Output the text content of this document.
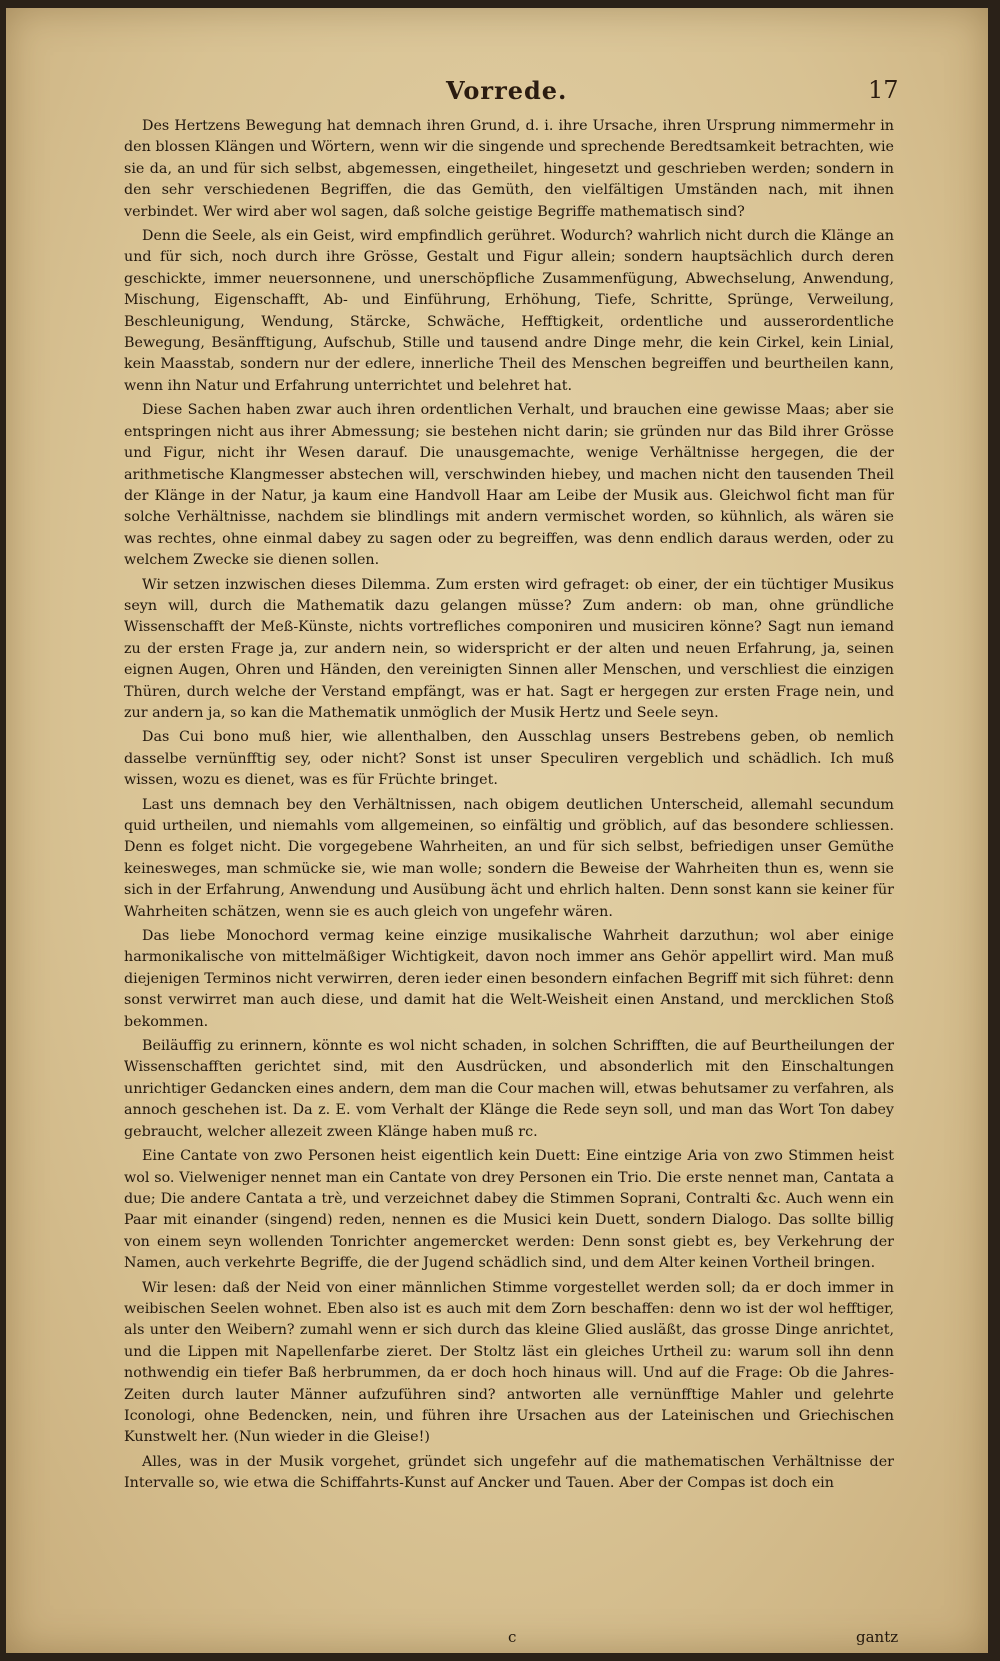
Vorrede.	17

Des Hertzens Bewegung hat demnach ihren Grund, d. i. ihre Ursache, ihren Ursprung nimmermehr in den blossen Klängen und Wörtern, wenn wir die singende und sprechende Beredtsamkeit betrachten, wie sie da, an und für sich selbst, abgemessen, eingetheilet, hingesetzt und geschrieben werden; sondern in den sehr verschiedenen Begriffen, die das Gemüth, den vielfältigen Umständen nach, mit ihnen verbindet. Wer wird aber wol sagen, daß solche geistige Begriffe mathematisch sind?

Denn die Seele, als ein Geist, wird empfindlich gerühret. Wodurch? wahrlich nicht durch die Klänge an und für sich, noch durch ihre Grösse, Gestalt und Figur allein; sondern hauptsächlich durch deren geschickte, immer neuersonnene, und unerschöpfliche Zusammenfügung, Abwechselung, Anwendung, Mischung, Eigenschafft, Ab- und Einführung, Erhöhung, Tiefe, Schritte, Sprünge, Verweilung, Beschleunigung, Wendung, Stärcke, Schwäche, Hefftigkeit, ordentliche und ausserordentliche Bewegung, Besänfftigung, Aufschub, Stille und tausend andre Dinge mehr, die kein Cirkel, kein Linial, kein Maasstab, sondern nur der edlere, innerliche Theil des Menschen begreiffen und beurtheilen kann, wenn ihn Natur und Erfahrung unterrichtet und belehret hat.

Diese Sachen haben zwar auch ihren ordentlichen Verhalt, und brauchen eine gewisse Maas; aber sie entspringen nicht aus ihrer Abmessung; sie bestehen nicht darin; sie gründen nur das Bild ihrer Grösse und Figur, nicht ihr Wesen darauf. Die unausgemachte, wenige Verhältnisse hergegen, die der arithmetische Klangmesser abstechen will, verschwinden hiebey, und machen nicht den tausenden Theil der Klänge in der Natur, ja kaum eine Handvoll Haar am Leibe der Musik aus. Gleichwol ficht man für solche Verhältnisse, nachdem sie blindlings mit andern vermischet worden, so kühnlich, als wären sie was rechtes, ohne einmal dabey zu sagen oder zu begreiffen, was denn endlich daraus werden, oder zu welchem Zwecke sie dienen sollen.

Wir setzen inzwischen dieses Dilemma. Zum ersten wird gefraget: ob einer, der ein tüchtiger Musikus seyn will, durch die Mathematik dazu gelangen müsse? Zum andern: ob man, ohne gründliche Wissenschafft der Meß-Künste, nichts vortrefliches componiren und musiciren könne? Sagt nun iemand zu der ersten Frage ja, zur andern nein, so widerspricht er der alten und neuen Erfahrung, ja, seinen eignen Augen, Ohren und Händen, den vereinigten Sinnen aller Menschen, und verschliest die einzigen Thüren, durch welche der Verstand empfängt, was er hat. Sagt er hergegen zur ersten Frage nein, und zur andern ja, so kan die Mathematik unmöglich der Musik Hertz und Seele seyn.

Das Cui bono muß hier, wie allenthalben, den Ausschlag unsers Bestrebens geben, ob nemlich dasselbe vernünfftig sey, oder nicht? Sonst ist unser Speculiren vergeblich und schädlich. Ich muß wissen, wozu es dienet, was es für Früchte bringet.

Last uns demnach bey den Verhältnissen, nach obigem deutlichen Unterscheid, allemahl secundum quid urtheilen, und niemahls vom allgemeinen, so einfältig und gröblich, auf das besondere schliessen. Denn es folget nicht. Die vorgegebene Wahrheiten, an und für sich selbst, befriedigen unser Gemüthe keinesweges, man schmücke sie, wie man wolle; sondern die Beweise der Wahrheiten thun es, wenn sie sich in der Erfahrung, Anwendung und Ausübung ächt und ehrlich halten. Denn sonst kann sie keiner für Wahrheiten schätzen, wenn sie es auch gleich von ungefehr wären.

Das liebe Monochord vermag keine einzige musikalische Wahrheit darzuthun; wol aber einige harmonikalische von mittelmäßiger Wichtigkeit, davon noch immer ans Gehör appellirt wird. Man muß diejenigen Terminos nicht verwirren, deren ieder einen besondern einfachen Begriff mit sich führet: denn sonst verwirret man auch diese, und damit hat die Welt-Weisheit einen Anstand, und mercklichen Stoß bekommen.

Beiläuffig zu erinnern, könnte es wol nicht schaden, in solchen Schrifften, die auf Beurtheilungen der Wissenschafften gerichtet sind, mit den Ausdrücken, und absonderlich mit den Einschaltungen unrichtiger Gedancken eines andern, dem man die Cour machen will, etwas behutsamer zu verfahren, als annoch geschehen ist. Da z. E. vom Verhalt der Klänge die Rede seyn soll, und man das Wort Ton dabey gebraucht, welcher allezeit zween Klänge haben muß rc.

Eine Cantate von zwo Personen heist eigentlich kein Duett: Eine eintzige Aria von zwo Stimmen heist wol so. Vielweniger nennet man ein Cantate von drey Personen ein Trio. Die erste nennet man, Cantata a due; Die andere Cantata a trè, und verzeichnet dabey die Stimmen Soprani, Contralti &c. Auch wenn ein Paar mit einander (singend) reden, nennen es die Musici kein Duett, sondern Dialogo. Das sollte billig von einem seyn wollenden Tonrichter angemercket werden: Denn sonst giebt es, bey Verkehrung der Namen, auch verkehrte Begriffe, die der Jugend schädlich sind, und dem Alter keinen Vortheil bringen.

Wir lesen: daß der Neid von einer männlichen Stimme vorgestellet werden soll; da er doch immer in weibischen Seelen wohnet. Eben also ist es auch mit dem Zorn beschaffen: denn wo ist der wol hefftiger, als unter den Weibern? zumahl wenn er sich durch das kleine Glied ausläßt, das grosse Dinge anrichtet, und die Lippen mit Napellenfarbe zieret. Der Stoltz läst ein gleiches Urtheil zu: warum soll ihn denn nothwendig ein tiefer Baß herbrummen, da er doch hoch hinaus will. Und auf die Frage: Ob die Jahres-Zeiten durch lauter Männer aufzuführen sind? antworten alle vernünfftige Mahler und gelehrte Iconologi, ohne Bedencken, nein, und führen ihre Ursachen aus der Lateinischen und Griechischen Kunstwelt her. (Nun wieder in die Gleise!)

Alles, was in der Musik vorgehet, gründet sich ungefehr auf die mathematischen Verhältnisse der Intervalle so, wie etwa die Schiffahrts-Kunst auf Ancker und Tauen. Aber der Compas ist doch ein

c	gantz
